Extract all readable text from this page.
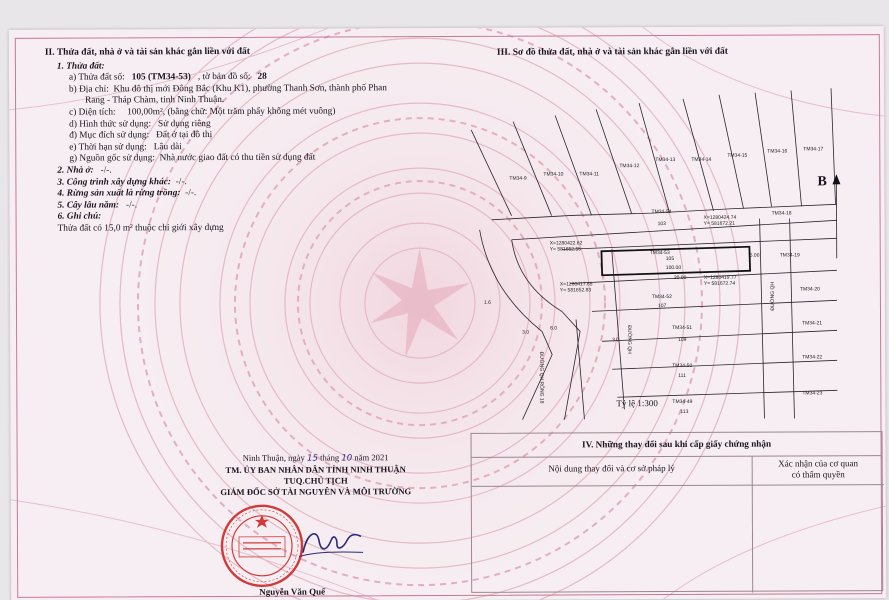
II. Thửa đất, nhà ở và tài sản khác gắn liền với đất
1. Thửa đất:
a) Thửa đất số: 105 (TM34-53) , tờ bản đồ số: 28
b) Địa chỉ: Khu đô thị mới Đông Bắc (Khu K1), phường Thanh Sơn, thành phố Phan
Rang - Tháp Chàm, tỉnh Ninh Thuận.
c) Diện tích: 100,00m², (bằng chữ: Một trăm phẩy không mét vuông)
d) Hình thức sử dụng: Sử dụng riêng
đ) Mục đích sử dụng: Đất ở tại đô thị
e) Thời hạn sử dụng: Lâu dài
g) Nguồn gốc sử dụng: Nhà nước giao đất có thu tiền sử dụng đất
2. Nhà ở: -/-.
3. Công trình xây dựng khác: -/-.
4. Rừng sản xuất là rừng trồng: -/-.
5. Cây lâu năm: -/-.
6. Ghi chú:
Thửa đất có 15,0 m² thuộc chỉ giới xây dựng
III. Sơ đồ thửa đất, nhà ở và tài sản khác gắn liền với đất
TM34-9
TM34-10	TM34-11
TM34-12
TM34-13	TM34-14
TM34-15
TM34-16	TM34-17
TM34-18
TM34-19
TM34-20
TM34-21
TM34-22
TM34-23
TM34-54
103
TM34-53
105
TM34-52
107
TM34-51
109
TM34-50
111
TM34-49
113
X=1280422.62
Y= 581652.55
X=1280424.74
Y= 581672.21
X=1280417.65
Y= 581652.83
X=1280419.77
Y= 581672.74
100.00
20.00
5.00
3.0
6.0
3.0
1.6
ĐƯỜNG QH RỘNG 18
ĐƯỜNG QH
ĐƯỜNG QH
B
Tỷ lệ 1:300
IV. Những thay đổi sau khi cấp giấy chứng nhận
Nội dung thay đổi và cơ sở pháp lý	Xác nhận của cơ quan
có thẩm quyền
Ninh Thuận, ngày 15 tháng 10 năm 2021
TM. ỦY BAN NHÂN DÂN TỈNH NINH THUẬN
TUQ.CHỦ TỊCH
GIÁM ĐỐC SỞ TÀI NGUYÊN VÀ MÔI TRƯỜNG
Nguyễn Văn Quế
